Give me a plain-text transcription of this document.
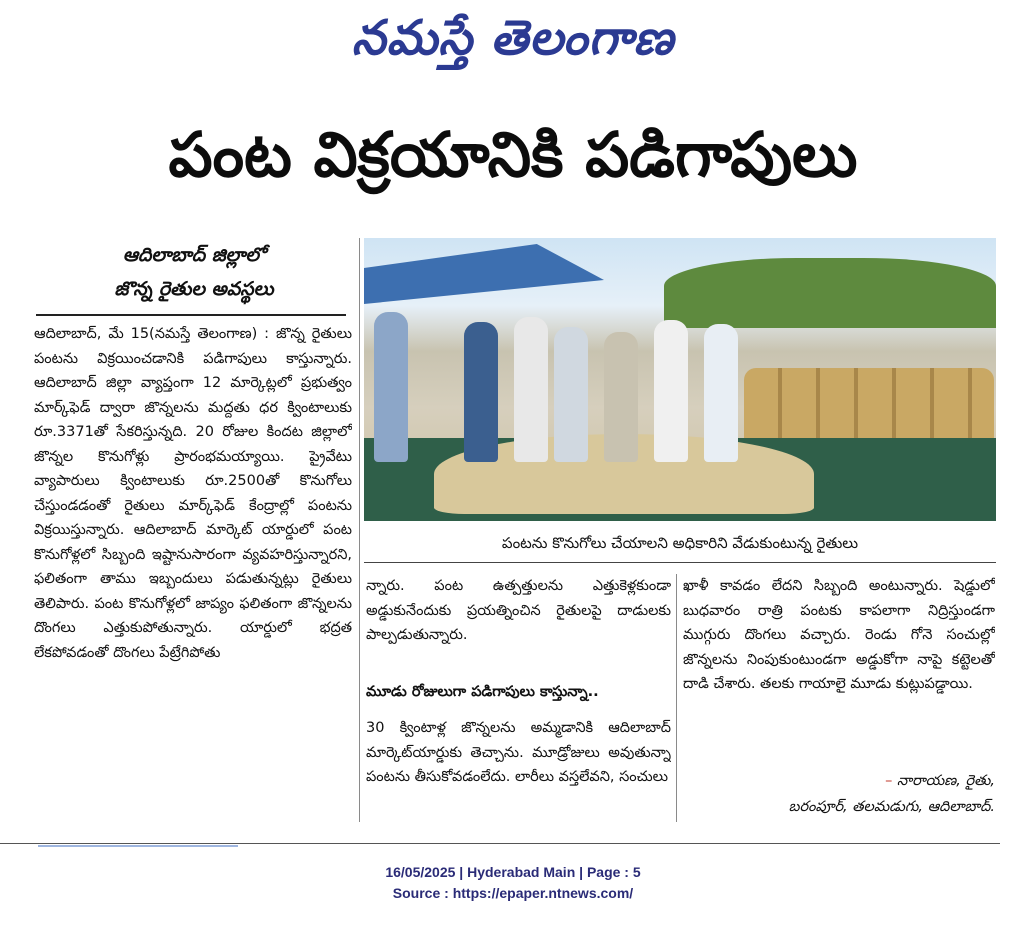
నమస్తే తెలంగాణ
పంట విక్రయానికి పడిగాపులు
ఆదిలాబాద్ జిల్లాలో
జొన్న రైతుల అవస్థలు

ఆదిలాబాద్, మే 15(నమస్తే తెలంగాణ) : జొన్న రైతులు పంటను విక్రయించడానికి పడిగాపులు కాస్తున్నారు. ఆదిలాబాద్ జిల్లా వ్యాప్తంగా 12 మార్కెట్లలో ప్రభుత్వం మార్క్‌ఫెడ్ ద్వారా జొన్నలను మద్దతు ధర క్వింటాలుకు రూ.3371తో సేకరిస్తున్నది. 20 రోజుల కిందట జిల్లాలో జొన్నల కొనుగోళ్లు ప్రారంభమయ్యాయి. ప్రైవేటు వ్యాపారులు క్వింటాలుకు రూ.2500తో కొనుగోలు చేస్తుండడంతో రైతులు మార్క్‌ఫెడ్ కేంద్రాల్లో పంటను విక్రయిస్తున్నారు. ఆదిలాబాద్ మార్కెట్ యార్డులో పంట కొనుగోళ్లలో సిబ్బంది ఇష్టానుసారంగా వ్యవహరిస్తున్నారని, ఫలితంగా తాము ఇబ్బందులు పడుతున్నట్లు రైతులు తెలిపారు. పంట కొనుగోళ్లలో జాప్యం ఫలితంగా జొన్నలను దొంగలు ఎత్తుకుపోతున్నారు. యార్డులో భద్రత లేకపోవడంతో దొంగలు పేట్రేగిపోతు

పంటను కొనుగోలు చేయాలని అధికారిని వేడుకుంటున్న రైతులు

న్నారు. పంట ఉత్పత్తులను ఎత్తుకెళ్లకుండా అడ్డుకునేందుకు ప్రయత్నించిన రైతులపై దాడులకు పాల్పడుతున్నారు.

మూడు రోజులుగా పడిగాపులు కాస్తున్నా..

30 క్వింటాళ్ల జొన్నలను అమ్మడానికి ఆదిలాబాద్ మార్కెట్‌యార్డుకు తెచ్చాను. మూడ్రోజులు అవుతున్నా పంటను తీసుకోవడంలేదు. లారీలు వస్తలేవని, సంచులు

ఖాళీ కావడం లేదని సిబ్బంది అంటున్నారు. షెడ్డులో బుధవారం రాత్రి పంటకు కాపలాగా నిద్రిస్తుండగా ముగ్గురు దొంగలు వచ్చారు. రెండు గోనె సంచుల్లో జొన్నలను నింపుకుంటుండగా అడ్డుకోగా నాపై కట్టెలతో దాడి చేశారు. తలకు గాయాలై మూడు కుట్లుపడ్డాయి.

– నారాయణ, రైతు,
బరంపూర్, తలమడుగు, ఆదిలాబాద్.
16/05/2025 | Hyderabad Main | Page : 5
Source : https://epaper.ntnews.com/
